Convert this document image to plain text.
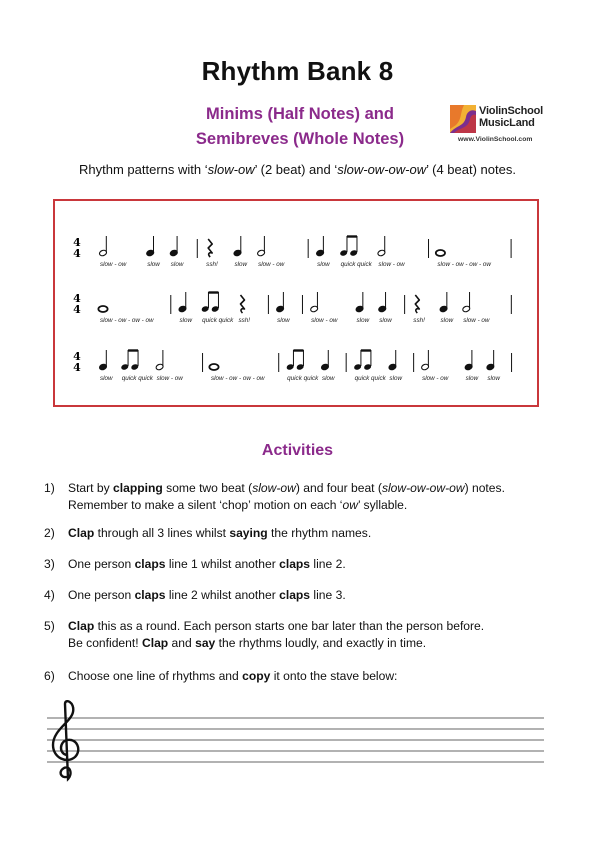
Rhythm Bank 8
Minims (Half Notes) and
Semibreves (Whole Notes)
ViolinSchool
MusicLand
www.ViolinSchool.com
Rhythm patterns with ‘slow-ow’ (2 beat) and ‘slow-ow-ow-ow’ (4 beat) notes.
4
4
slow - ow	slow slow	ssh!	slow slow - ow	slow quick quick slow - ow	slow - ow - ow - ow
4
4
slow - ow - ow - ow	slow quick quick ssh!	slow	slow - ow	slow slow	ssh! slow slow - ow
4
4
slow quick quick slow - ow	slow - ow - ow - ow	quick quick slow	quick quick slow	slow - ow	slow slow
Activities
1) Start by clapping some two beat (slow-ow) and four beat (slow-ow-ow-ow) notes.
Remember to make a silent ‘chop’ motion on each ‘ow’ syllable.
2) Clap through all 3 lines whilst saying the rhythm names.
3) One person claps line 1 whilst another claps line 2.
4) One person claps line 2 whilst another claps line 3.
5) Clap this as a round. Each person starts one bar later than the person before.
Be confident! Clap and say the rhythms loudly, and exactly in time.
6) Choose one line of rhythms and copy it onto the stave below:
